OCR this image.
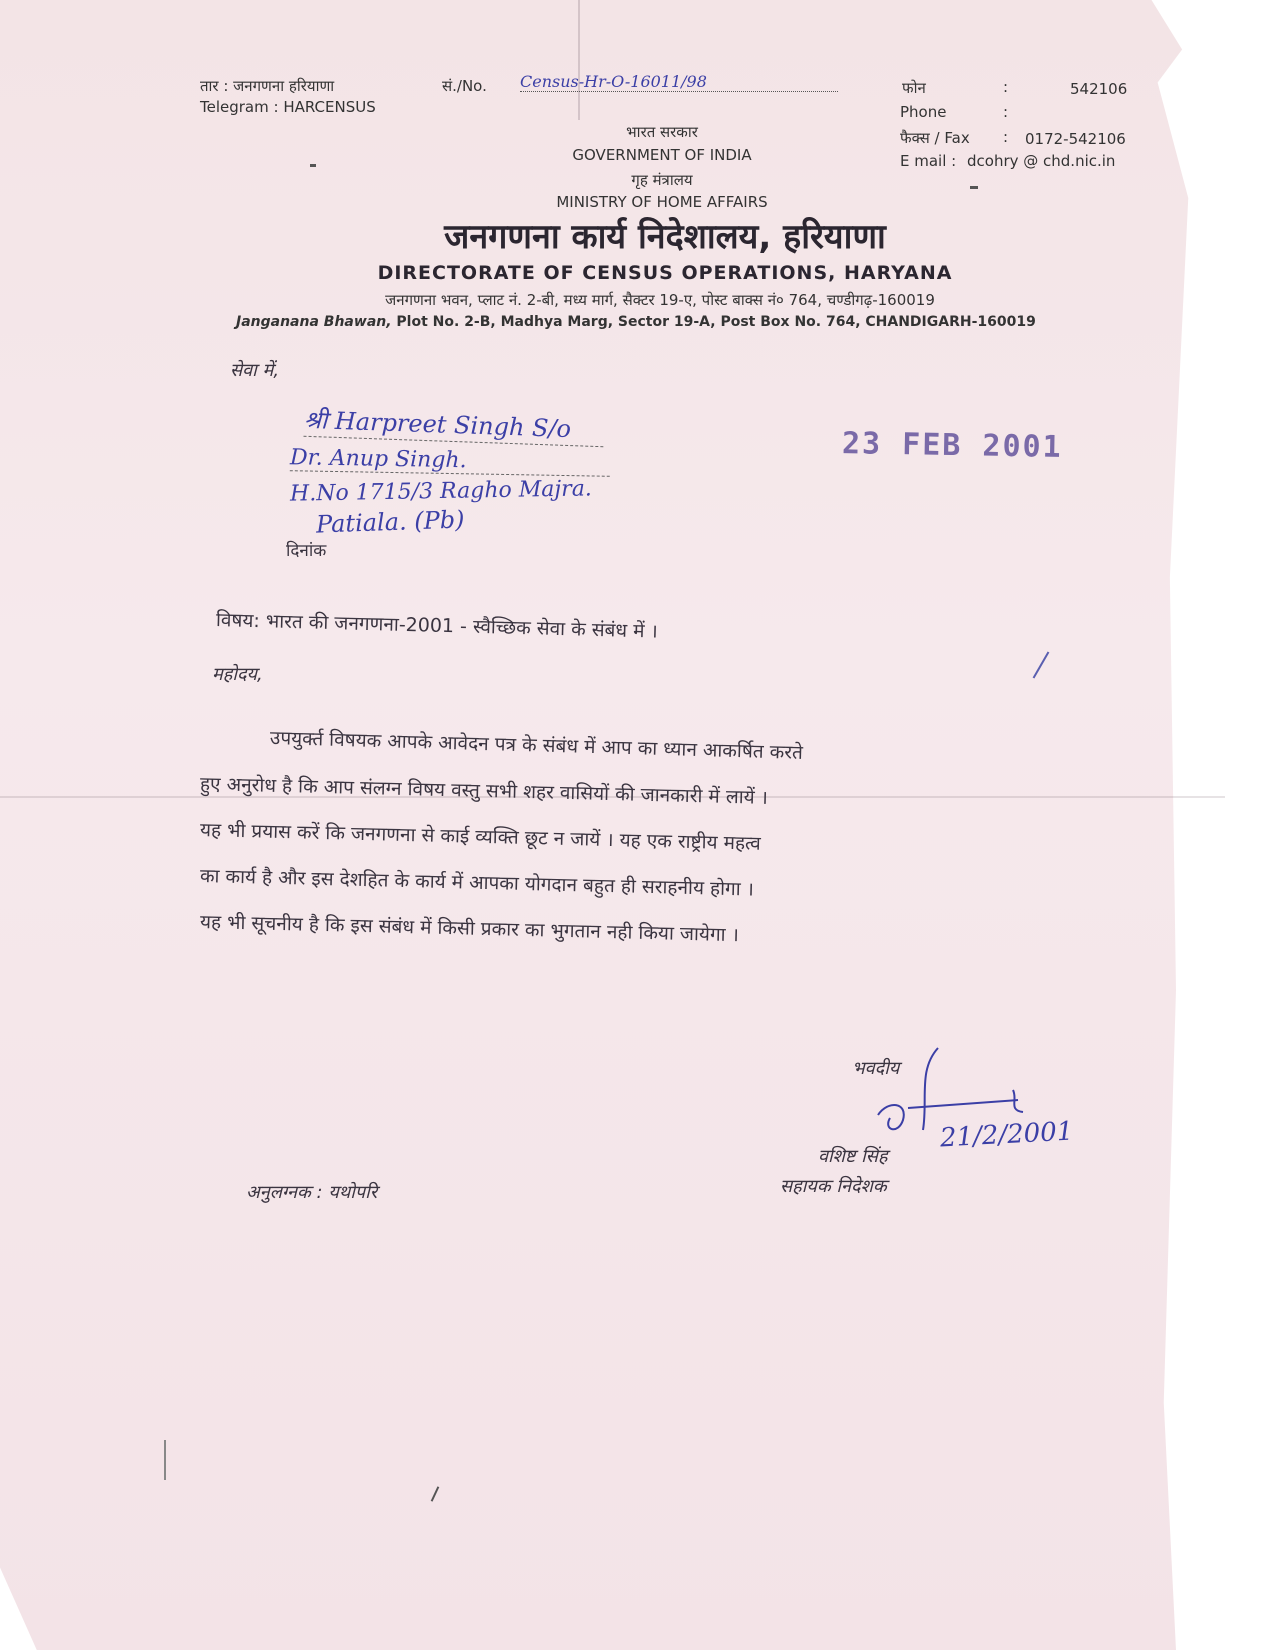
तार : जनगणना हरियाणा
Telegram : HARCENSUS
सं./No. Census-Hr-O-16011/98	फोन	:	542106
Phone	:
फैक्स / Fax : 0172-542106
E mail : dcohry @ chd.nic.in
भारत सरकार
GOVERNMENT OF INDIA
गृह मंत्रालय
MINISTRY OF HOME AFFAIRS
जनगणना कार्य निदेशालय, हरियाणा
DIRECTORATE OF CENSUS OPERATIONS, HARYANA
जनगणना भवन, प्लाट नं. 2-बी, मध्य मार्ग, सैक्टर 19-ए, पोस्ट बाक्स नं० 764, चण्डीगढ़-160019
Janganana Bhawan, Plot No. 2-B, Madhya Marg, Sector 19-A, Post Box No. 764, CHANDIGARH-160019
सेवा में,
श्री Harpreet Singh S/o
Dr. Anup Singh.
H.No 1715/3 Ragho Majra.
Patiala. (Pb)
दिनांक
23 FEB 2001
विषय: भारत की जनगणना-2001 - स्वैच्छिक सेवा के संबंध में ।
महोदय,
उपयुर्क्त विषयक आपके आवेदन पत्र के संबंध में आप का ध्यान आकर्षित करते
हुए अनुरोध है कि आप संलग्न विषय वस्तु सभी शहर वासियों की जानकारी में लायें ।
यह भी प्रयास करें कि जनगणना से काई व्यक्ति छूट न जायें । यह एक राष्ट्रीय महत्व
का कार्य है और इस देशहित के कार्य में आपका योगदान बहुत ही सराहनीय होगा ।
यह भी सूचनीय है कि इस संबंध में किसी प्रकार का भुगतान नही किया जायेगा ।
भवदीय
21/2/2001
वशिष्ट सिंह
सहायक निदेशक
अनुलग्नक : यथोपरि
